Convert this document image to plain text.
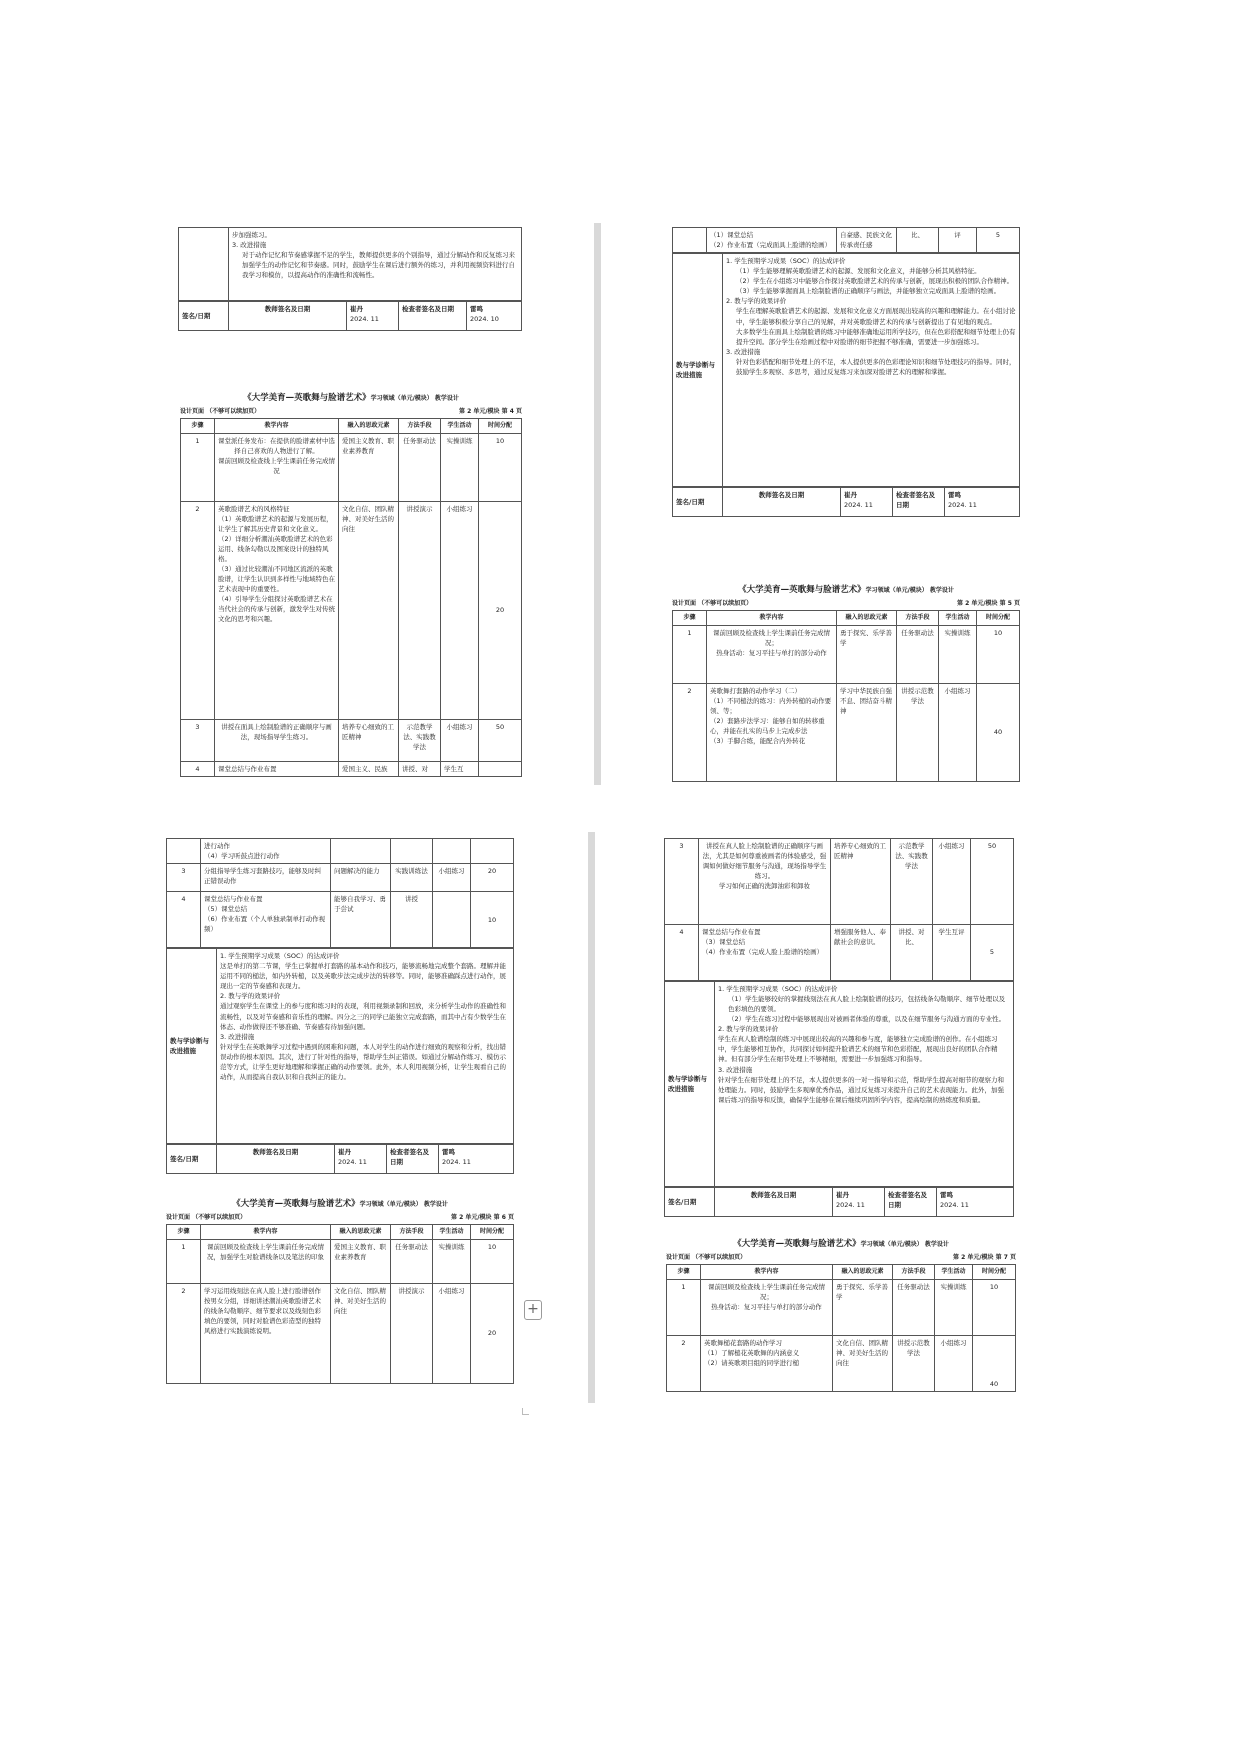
	步加强练习。
3. 改进措施

对于动作记忆和节奏感掌握不足的学生，教师提供更多的个别指导，通过分解动作和反复练习来加强学生的动作记忆和节奏感。同时，鼓励学生在课后进行额外的练习，并利用视频资料进行自我学习和模仿，以提高动作的准确性和流畅性。
签名/日期	教师签名及日期	崔丹
2024. 11	检查者签名及日期	雷鸣
2024. 10
《大学美育—英歌舞与脸谱艺术》学习领域（单元/模块） 教学设计
设计页面 （不够可以续加页）	第 2 单元/模块 第 4 页
步骤	教学内容	融入的思政元素	方法手段	学生活动	时间分配
1	课堂派任务发布：在提供的脸谱素材中选择自己喜欢的人物进行了解。
课前回顾及检查线上学生课前任务完成情况	爱国主义教育、职业素养教育	任务驱动法	实操训练	10
2	英歌脸谱艺术的风格特征
（1）英歌脸谱艺术的起源与发展历程，让学生了解其历史背景和文化意义。
（2）详细分析潮汕英歌脸谱艺术的色彩运用、线条勾勒以及图案设计的独特风格。
（3）通过比较潮汕不同地区流派的英歌脸谱，让学生认识到多样性与地域特色在艺术表现中的重要性。
（4）引导学生分组探讨英歌脸谱艺术在当代社会的传承与创新，激发学生对传统文化的思考和兴趣。	文化自信、团队精神、对美好生活的向往	讲授演示	小组练习	20
3	讲授在面具上绘制脸谱的正确顺序与画法，现场指导学生练习。	培养专心细致的工匠精神	示范教学法、实践教学法	小组练习	50
4	课堂总结与作业布置	爱国主义、民族	讲授、对	学生互	
	（1）课堂总结
（2）作业布置（完成面具上脸谱的绘画）	自豪感、民族文化传承责任感	比、	评	5
教与学诊断与改进措施	1. 学生预期学习成果（SOC）的达成评价

（1）学生能够理解英歌脸谱艺术的起源、发展和文化意义，并能够分析其风格特征。
（2）学生在小组练习中能够合作探讨英歌脸谱艺术的传承与创新，展现出积极的团队合作精神。
（3）学生能够掌握面具上绘制脸谱的正确顺序与画法，并能够独立完成面具上脸谱的绘画。
2. 教与学的效果评价

学生在理解英歌脸谱艺术的起源、发展和文化意义方面展现出较高的兴趣和理解能力。在小组讨论中，学生能够积极分享自己的见解，并对英歌脸谱艺术的传承与创新提出了有见地的观点。
大多数学生在面具上绘制脸谱的练习中能够准确地运用所学技巧，但在色彩搭配和细节处理上仍有提升空间。部分学生在绘画过程中对脸谱的细节把握不够准确，需要进一步加强练习。
3. 改进措施

针对色彩搭配和细节处理上的不足，本人提供更多的色彩理论知识和细节处理技巧的指导。同时，鼓励学生多观察、多思考，通过反复练习来加深对脸谱艺术的理解和掌握。
签名/日期	教师签名及日期	崔丹
2024. 11	检查者签名及日期	雷鸣
2024. 11
《大学美育—英歌舞与脸谱艺术》学习领域（单元/模块） 教学设计
设计页面 （不够可以续加页）	第 2 单元/模块 第 5 页
步骤	教学内容	融入的思政元素	方法手段	学生活动	时间分配
1	课前回顾及检查线上学生课前任务完成情况；
热身活动：复习平挂与单打的部分动作	勇于探究、乐学善学	任务驱动法	实操训练	10
2	英歌舞打套路的动作学习（二）
（1）不同槌法的练习：内外转槌的动作要领、等；
（2）套路步法学习：能够自如的转移重心，并能在扎实的马步上完成步法
（3）手脚合练，能配合内外转花	学习中华民族自强不息、团结奋斗精神	讲授示范教学法	小组练习	40
	进行动作
（4）学习听鼓点进行动作				
3	分组指导学生练习套路技巧，能够及时纠正错误动作	问题解决的能力	实践训练法	小组练习	20
4	课堂总结与作业布置
（5）课堂总结
（6）作业布置（个人单独录制单打动作视频）	能够自我学习、勇于尝试	讲授		10
教与学诊断与改进措施	1. 学生预期学习成果（SOC）的达成评价
这是单打的第二节课，学生已掌握单打套路的基本动作和技巧，能够流畅地完成整个套路。理解并能运用不同的槌法，如内外转槌，以及英歌步法完成步法的转移等。同时，能够准确踩点进行动作，展现出一定的节奏感和表现力。
2. 教与学的效果评价
通过观察学生在课堂上的参与度和练习时的表现，利用视频录制和回放，来分析学生动作的准确性和流畅性，以及对节奏感和音乐性的理解。四分之三的同学已能独立完成套路，而其中占有少数学生在体态、动作做得还不够准确、节奏感有待加强问题。
3. 改进措施
针对学生在英歌舞学习过程中遇到的困难和问题，本人对学生的动作进行细致的观察和分析，找出错误动作的根本原因。其次，进行了针对性的指导，帮助学生纠正错误。如通过分解动作练习、模仿示范等方式，让学生更好地理解和掌握正确的动作要领。此外，本人利用视频分析，让学生观看自己的动作，从而提高自我认识和自我纠正的能力。
签名/日期	教师签名及日期	崔丹
2024. 11	检查者签名及日期	雷鸣
2024. 11
《大学美育—英歌舞与脸谱艺术》学习领域（单元/模块） 教学设计
设计页面 （不够可以续加页）	第 2 单元/模块 第 6 页
步骤	教学内容	融入的思政元素	方法手段	学生活动	时间分配
1	课前回顾及检查线上学生课前任务完成情况，加强学生对脸谱线条以及笔法的印象	爱国主义教育、职业素养教育	任务驱动法	实操训练	10
2	学习运用线刻法在真人脸上进行脸谱创作
按男女分组，详细讲述潮汕英歌脸谱艺术的线条勾勒顺序、细节要求以及线刻色彩填色的要领，同时对脸谱色彩造型的独特风格进行实践演练说明。	文化自信、团队精神、对美好生活的向往	讲授演示	小组练习	20
3	讲授在真人脸上绘制脸谱的正确顺序与画法，尤其是如何尊重被画者的体验感受，强调如何做好细节服务与沟通，现场指导学生练习。
学习如何正确的洗卸油彩和卸妆	培养专心细致的工匠精神	示范教学法、实践教学法	小组练习	50
4	课堂总结与作业布置
（3）课堂总结
（4）作业布置（完成人脸上脸谱的绘画）	增强服务他人、奉献社会的意识。	讲授、对比、	学生互评	5
教与学诊断与改进措施	1. 学生预期学习成果（SOC）的达成评价

（1）学生能够较好的掌握线刻法在真人脸上绘制脸谱的技巧，包括线条勾勒顺序、细节处理以及色彩填色的要领。
（2）学生在练习过程中能够展现出对被画者体验的尊重，以及在细节服务与沟通方面的专业性。
2. 教与学的效果评价
学生在真人脸谱绘制的练习中展现出较高的兴趣和参与度，能够独立完成脸谱的创作。在小组练习中，学生能够相互协作，共同探讨如何提升脸谱艺术的细节和色彩搭配，展现出良好的团队合作精神。但有部分学生在细节处理上不够精细，需要进一步加强练习和指导。
3. 改进措施
针对学生在细节处理上的不足，本人提供更多的一对一指导和示范，帮助学生提高对细节的观察力和处理能力。同时，鼓励学生多观摩优秀作品，通过反复练习来提升自己的艺术表现能力。此外，加强课后练习的指导和反馈，确保学生能够在课后继续巩固所学内容，提高绘制的熟练度和质量。
签名/日期	教师签名及日期	崔丹
2024. 11	检查者签名及日期	雷鸣
2024. 11
《大学美育—英歌舞与脸谱艺术》学习领域（单元/模块） 教学设计
设计页面 （不够可以续加页）	第 2 单元/模块 第 7 页
步骤	教学内容	融入的思政元素	方法手段	学生活动	时间分配
1	课前回顾及检查线上学生课前任务完成情况；
热身活动：复习平挂与单打的部分动作	勇于探究、乐学善学	任务驱动法	实操训练	10
2	英歌舞槌花套路的动作学习
（1）了解槌花英歌舞的内涵意义
（2）请英歌项目组的同学进行槌	文化自信、团队精神、对美好生活的向往	讲授示范教学法	小组练习	40
+
